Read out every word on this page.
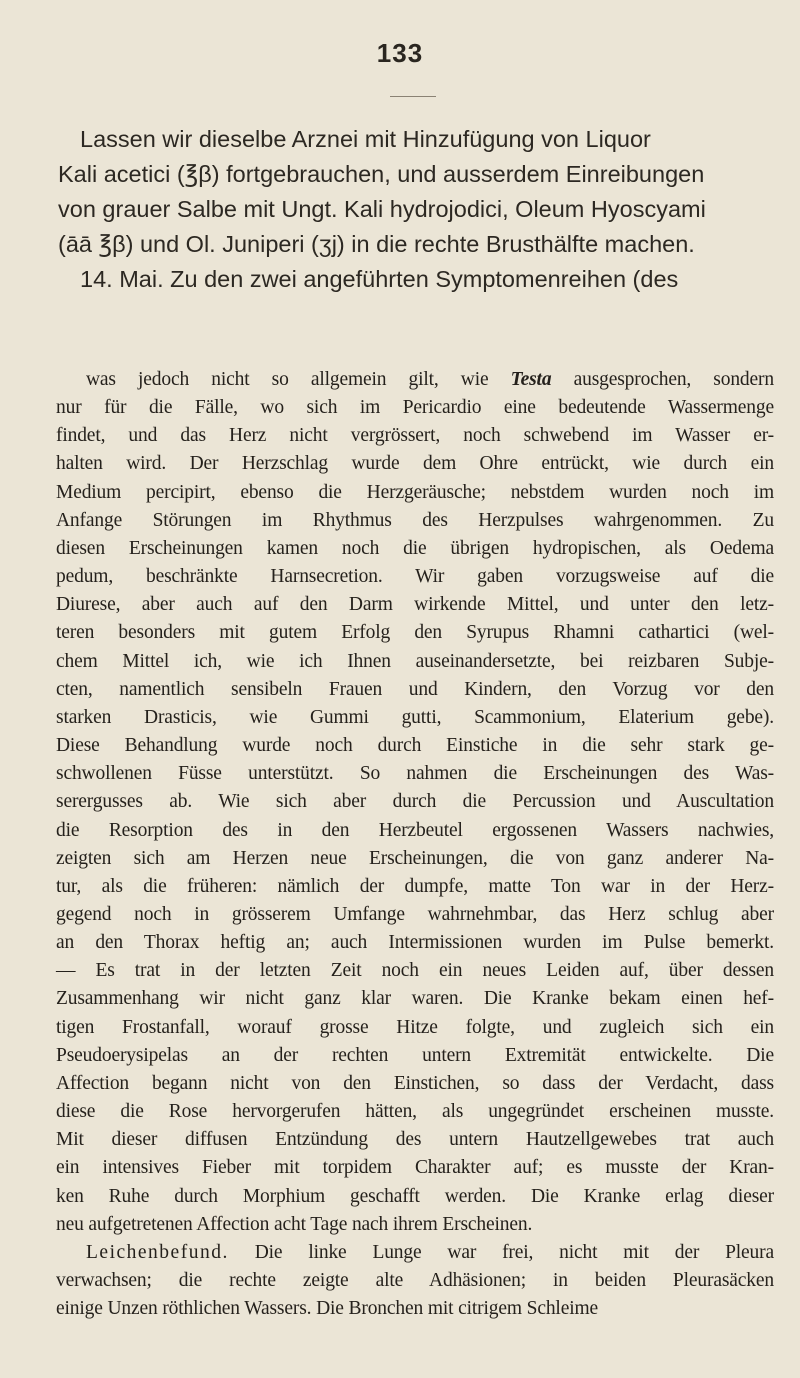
133
Lassen wir dieselbe Arznei mit Hinzufügung von Liquor
Kali acetici (℥β) fortgebrauchen, und ausserdem Einreibungen
von grauer Salbe mit Ungt. Kali hydrojodici, Oleum Hyoscyami
(āā ℥β) und Ol. Juniperi (ʒj) in die rechte Brusthälfte machen.
14. Mai. Zu den zwei angeführten Symptomenreihen (des
was jedoch nicht so allgemein gilt, wie Testa ausgesprochen, sondern
nur für die Fälle, wo sich im Pericardio eine bedeutende Wassermenge
findet, und das Herz nicht vergrössert, noch schwebend im Wasser er-
halten wird. Der Herzschlag wurde dem Ohre entrückt, wie durch ein
Medium percipirt, ebenso die Herzgeräusche; nebstdem wurden noch im
Anfange Störungen im Rhythmus des Herzpulses wahrgenommen. Zu
diesen Erscheinungen kamen noch die übrigen hydropischen, als Oedema
pedum, beschränkte Harnsecretion. Wir gaben vorzugsweise auf die
Diurese, aber auch auf den Darm wirkende Mittel, und unter den letz-
teren besonders mit gutem Erfolg den Syrupus Rhamni cathartici (wel-
chem Mittel ich, wie ich Ihnen auseinandersetzte, bei reizbaren Subje-
cten, namentlich sensibeln Frauen und Kindern, den Vorzug vor den
starken Drasticis, wie Gummi gutti, Scammonium, Elaterium gebe).
Diese Behandlung wurde noch durch Einstiche in die sehr stark ge-
schwollenen Füsse unterstützt. So nahmen die Erscheinungen des Was-
serergusses ab. Wie sich aber durch die Percussion und Auscultation
die Resorption des in den Herzbeutel ergossenen Wassers nachwies,
zeigten sich am Herzen neue Erscheinungen, die von ganz anderer Na-
tur, als die früheren: nämlich der dumpfe, matte Ton war in der Herz-
gegend noch in grösserem Umfange wahrnehmbar, das Herz schlug aber
an den Thorax heftig an; auch Intermissionen wurden im Pulse bemerkt.
— Es trat in der letzten Zeit noch ein neues Leiden auf, über dessen
Zusammenhang wir nicht ganz klar waren. Die Kranke bekam einen hef-
tigen Frostanfall, worauf grosse Hitze folgte, und zugleich sich ein
Pseudoerysipelas an der rechten untern Extremität entwickelte. Die
Affection begann nicht von den Einstichen, so dass der Verdacht, dass
diese die Rose hervorgerufen hätten, als ungegründet erscheinen musste.
Mit dieser diffusen Entzündung des untern Hautzellgewebes trat auch
ein intensives Fieber mit torpidem Charakter auf; es musste der Kran-
ken Ruhe durch Morphium geschafft werden. Die Kranke erlag dieser
neu aufgetretenen Affection acht Tage nach ihrem Erscheinen.
Leichenbefund. Die linke Lunge war frei, nicht mit der Pleura
verwachsen; die rechte zeigte alte Adhäsionen; in beiden Pleurasäcken
einige Unzen röthlichen Wassers. Die Bronchen mit citrigem Schleime
